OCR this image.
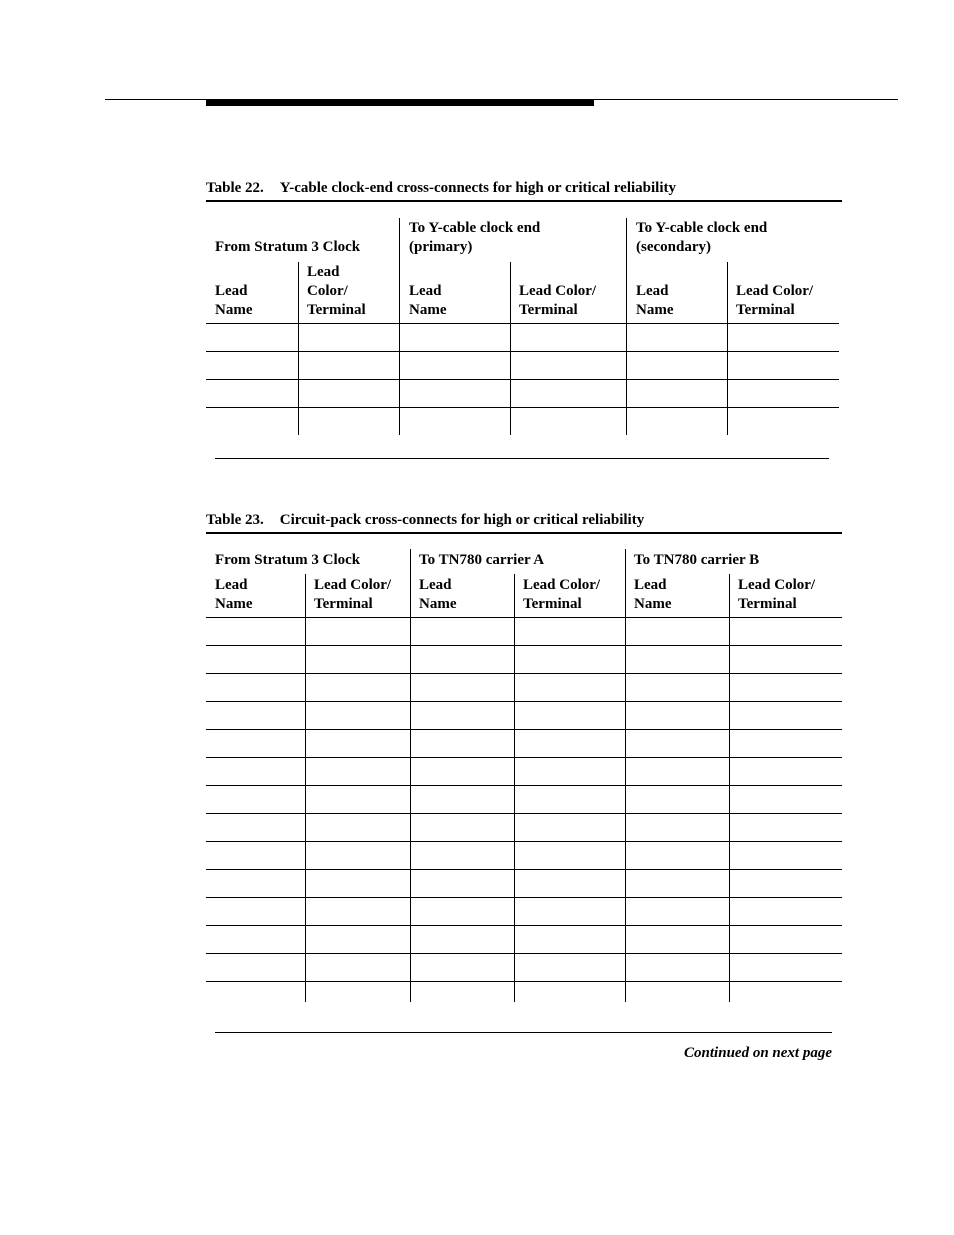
Table 22. Y-cable clock-end cross-connects for high or critical reliability
From Stratum 3 Clock
To Y-cable clock end
(primary)
To Y-cable clock end
(secondary)
Lead
Name
Lead
Color/
Terminal
Lead
Name
Lead Color/
Terminal
Lead
Name
Lead Color/
Terminal
Table 23. Circuit-pack cross-connects for high or critical reliability
From Stratum 3 Clock	To TN780 carrier A	To TN780 carrier B
Lead
Name
Lead Color/
Terminal
Lead
Name
Lead Color/
Terminal
Lead
Name
Lead Color/
Terminal
Continued on next page
